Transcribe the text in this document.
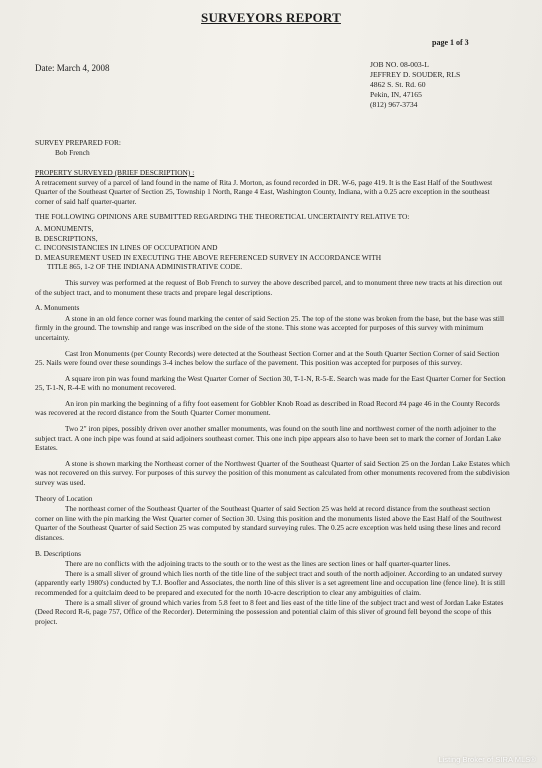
SURVEYORS REPORT
page 1 of 3
Date: March 4, 2008	JOB NO. 08-003-L
JEFFREY D. SOUDER, RLS
4862 S. St. Rd. 60
Pekin, IN, 47165
(812) 967-3734
SURVEY PREPARED FOR:
Bob French
PROPERTY SURVEYED (BRIEF DESCRIPTION) :

A retracement survey of a parcel of land found in the name of Rita J. Morton, as found recorded in DR. W-6, page 419. It is the East Half of the Southwest Quarter of the Southeast Quarter of Section 25, Township 1 North, Range 4 East, Washington County, Indiana, with a 0.25 acre exception in the southeast corner of said half quarter-quarter.

THE FOLLOWING OPINIONS ARE SUBMITTED REGARDING THE THEORETICAL UNCERTAINTY RELATIVE TO:
A. MONUMENTS,
B. DESCRIPTIONS,
C. INCONSISTANCIES IN LINES OF OCCUPATION AND
D. MEASUREMENT USED IN EXECUTING THE ABOVE REFERENCED SURVEY IN ACCORDANCE WITH
TITLE 865, 1-2 OF THE INDIANA ADMINISTRATIVE CODE.

This survey was performed at the request of Bob French to survey the above described parcel, and to monument three new tracts at his direction out of the subject tract, and to monument these tracts and prepare legal descriptions.

A. Monuments

A stone in an old fence corner was found marking the center of said Section 25. The top of the stone was broken from the base, but the base was still firmly in the ground. The township and range was inscribed on the side of the stone. This stone was accepted for purposes of this survey with minimum uncertainty.

Cast Iron Monuments (per County Records) were detected at the Southeast Section Corner and at the South Quarter Section Corner of said Section 25. Nails were found over these soundings 3-4 inches below the surface of the pavement. This position was accepted for purposes of this survey.

A square iron pin was found marking the West Quarter Corner of Section 30, T-1-N, R-5-E. Search was made for the East Quarter Corner for Section 25, T-1-N, R-4-E with no monument recovered.

An iron pin marking the beginning of a fifty foot easement for Gobbler Knob Road as described in Road Record #4 page 46 in the County Records was recovered at the record distance from the South Quarter Corner monument.

Two 2" iron pipes, possibly driven over another smaller monuments, was found on the south line and northwest corner of the north adjoiner to the subject tract. A one inch pipe was found at said adjoiners southeast corner. This one inch pipe appears also to have been set to mark the corner of Jordan Lake Estates.

A stone is shown marking the Northeast corner of the Northwest Quarter of the Southeast Quarter of said Section 25 on the Jordan Lake Estates which was not recovered on this survey. For purposes of this survey the position of this monument as calculated from other monuments recovered from the subdivision survey was used.

Theory of Location

The northeast corner of the Southeast Quarter of the Southeast Quarter of said Section 25 was held at record distance from the southeast section corner on line with the pin marking the West Quarter corner of Section 30. Using this position and the monuments listed above the East Half of the Southwest Quarter of the Southeast Quarter of said Section 25 was computed by standard surveying rules. The 0.25 acre exception was held using these lines and record distances.

B. Descriptions

There are no conflicts with the adjoining tracts to the south or to the west as the lines are section lines or half quarter-quarter lines.

There is a small sliver of ground which lies north of the title line of the subject tract and south of the north adjoiner. According to an undated survey (apparently early 1980's) conducted by T.J. Boofler and Associates, the north line of this sliver is a set agreement line and occupation line (fence line). It is still recommended for a quitclaim deed to be prepared and executed for the north 10-acre description to clear any ambiguities of claim.

There is a small sliver of ground which varies from 5.8 feet to 8 feet and lies east of the title line of the subject tract and west of Jordan Lake Estates (Deed Record R-6, page 757, Office of the Recorder). Determining the possession and potential claim of this sliver of ground fell beyond the scope of this project.

Listing Broker of SIRA MLS®
